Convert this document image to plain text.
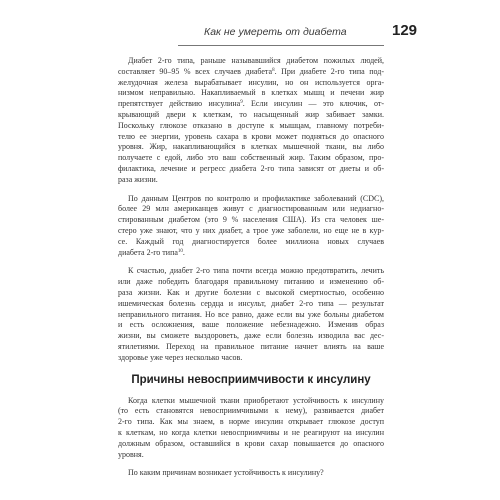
Как не умереть от диабета	129

Диабет 2-го типа, раньше называвшийся диабетом пожилых людей,
составляет 90–95 % всех случаев диабета$^8$. При диабете 2-го типа под-
желудочная железа вырабатывает инсулин, но он используется орга-
низмом неправильно. Накапливаемый в клетках мышц и печени жир
препятствует действию инсулина$^9$. Если инсулин — это ключик, от-
крывающий двери к клеткам, то насыщенный жир забивает замки.
Поскольку глюкозе отказано в доступе к мышцам, главному потреби-
телю ее энергии, уровень сахара в крови может подняться до опасного
уровня. Жир, накапливающийся в клетках мышечной ткани, вы либо
получаете с едой, либо это ваш собственный жир. Таким образом, про-
филактика, лечение и регресс диабета 2-го типа зависят от диеты и об-
раза жизни.

По данным Центров по контролю и профилактике заболеваний (CDC),
более 29 млн американцев живут с диагностированным или недиагно-
стированным диабетом (это 9 % населения США). Из ста человек ше-
стеро уже знают, что у них диабет, а трое уже заболели, но еще не в кур-
се. Каждый год диагностируется более миллиона новых случаев
диабета 2-го типа$^{10}$.

К счастью, диабет 2-го типа почти всегда можно предотвратить, лечить
или даже победить благодаря правильному питанию и изменению об-
раза жизни. Как и другие болезни с высокой смертностью, особенно
ишемическая болезнь сердца и инсульт, диабет 2-го типа — результат
неправильного питания. Но все равно, даже если вы уже больны диабетом
и есть осложнения, ваше положение небезнадежно. Изменив образ
жизни, вы сможете выздороветь, даже если болезнь изводила вас дес-
ятилетиями. Переход на правильное питание начнет влиять на ваше
здоровье уже через несколько часов.

Причины невосприимчивости к инсулину

Когда клетки мышечной ткани приобретают устойчивость к инсулину
(то есть становятся невосприимчивыми к нему), развивается диабет
2-го типа. Как мы знаем, в норме инсулин открывает глюкозе доступ
к клеткам, но когда клетки невосприимчивы и не реагируют на инсулин
должным образом, оставшийся в крови сахар повышается до опасного
уровня.

По каким причинам возникает устойчивость к инсулину?
